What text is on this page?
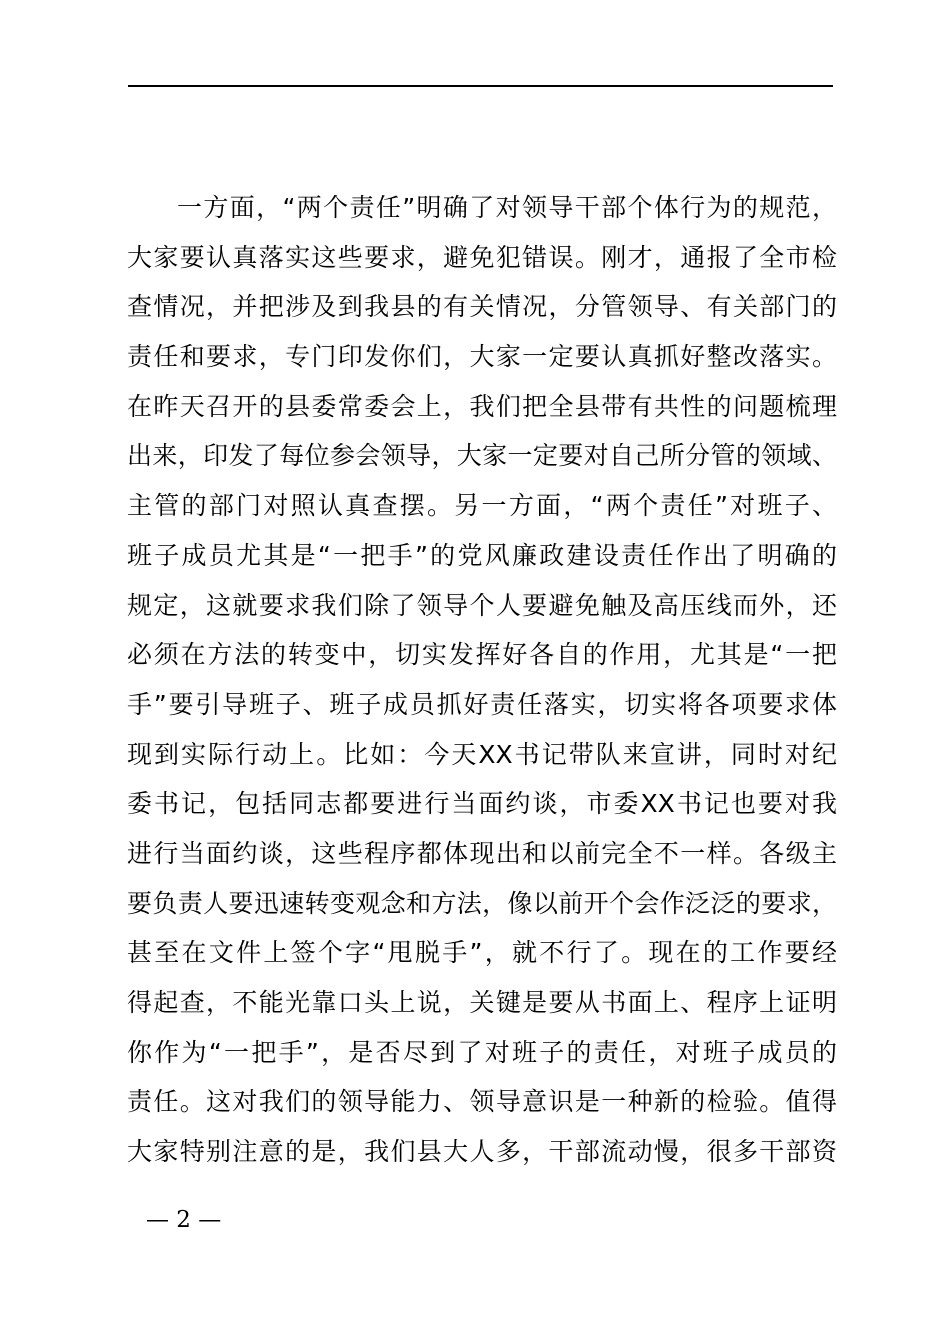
一方面，“两个责任”明确了对领导干部个体行为的规范，
大家要认真落实这些要求，避免犯错误。刚才，通报了全市检
查情况，并把涉及到我县的有关情况，分管领导、有关部门的
责任和要求，专门印发你们，大家一定要认真抓好整改落实。
在昨天召开的县委常委会上，我们把全县带有共性的问题梳理
出来，印发了每位参会领导，大家一定要对自己所分管的领域、
主管的部门对照认真查摆。另一方面，“两个责任”对班子、
班子成员尤其是“一把手”的党风廉政建设责任作出了明确的
规定，这就要求我们除了领导个人要避免触及高压线而外，还
必须在方法的转变中，切实发挥好各自的作用，尤其是“一把
手”要引导班子、班子成员抓好责任落实，切实将各项要求体
现到实际行动上。比如：今天XX书记带队来宣讲，同时对纪
委书记，包括同志都要进行当面约谈，市委XX书记也要对我
进行当面约谈，这些程序都体现出和以前完全不一样。各级主
要负责人要迅速转变观念和方法，像以前开个会作泛泛的要求，
甚至在文件上签个字“甩脱手”，就不行了。现在的工作要经
得起查，不能光靠口头上说，关键是要从书面上、程序上证明
你作为“一把手”，是否尽到了对班子的责任，对班子成员的
责任。这对我们的领导能力、领导意识是一种新的检验。值得
大家特别注意的是，我们县大人多，干部流动慢，很多干部资
— 2 —
